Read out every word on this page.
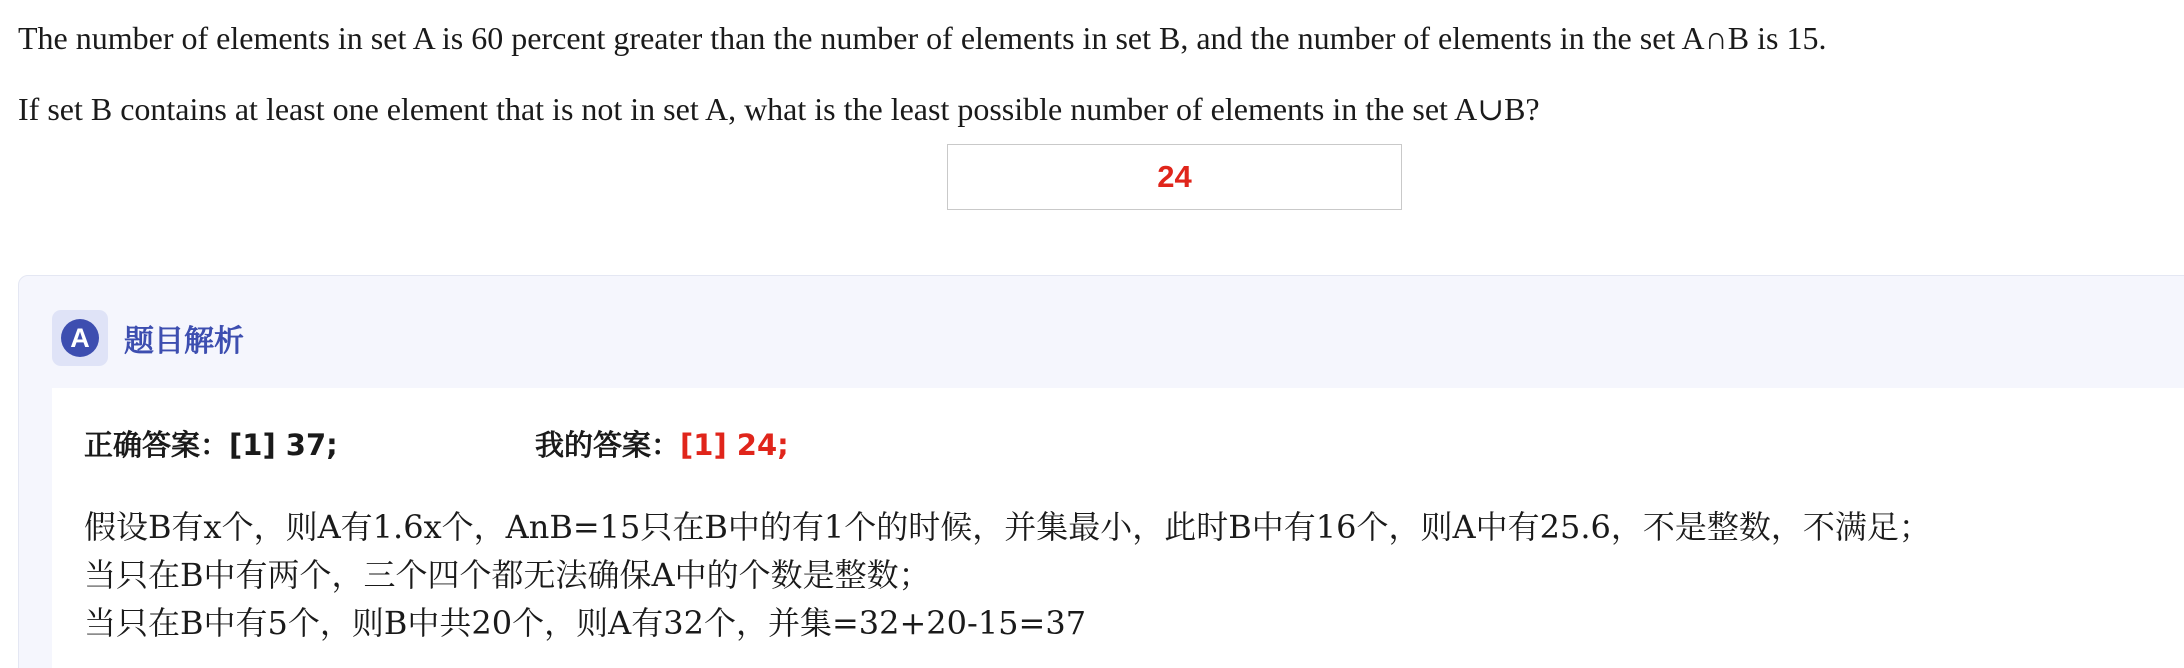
The number of elements in set A is 60 percent greater than the number of elements in set B, and the number of elements in the set A∩B is 15.
If set B contains at least one element that is not in set A, what is the least possible number of elements in the set A∪B?
24
A	题目解析
正确答案：[1] 37;	我的答案：[1] 24;
假设B有x个，则A有1.6x个，AnB=15只在B中的有1个的时候，并集最小，此时B中有16个，则A中有25.6，不是整数，不满足；
当只在B中有两个，三个四个都无法确保A中的个数是整数；
当只在B中有5个，则B中共20个，则A有32个，并集=32+20-15=37
